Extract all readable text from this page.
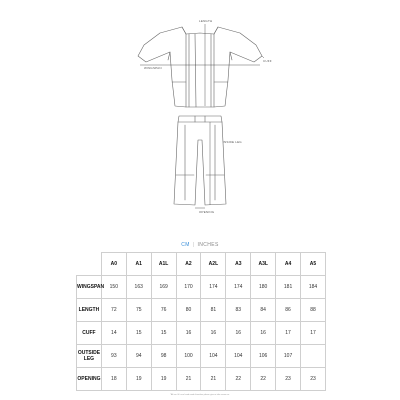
LENGTH
WINGSPAN
CUFF
INSIDE LEG
OPENING
CM | INCHES
	A0	A1	A1L	A2	A2L	A3	A3L	A4	A5
WINGSPAN	150	163	169	170	174	174	180	181	184
LENGTH	72	75	76	80	81	83	84	86	88
CUFF	14	15	15	16	16	16	16	17	17
OUTSIDE LEG	93	94	98	100	104	104	106	107	
OPENING	18	19	19	21	21	22	22	23	23
*All our Gi's are hand made therefore please give or take some cm.
